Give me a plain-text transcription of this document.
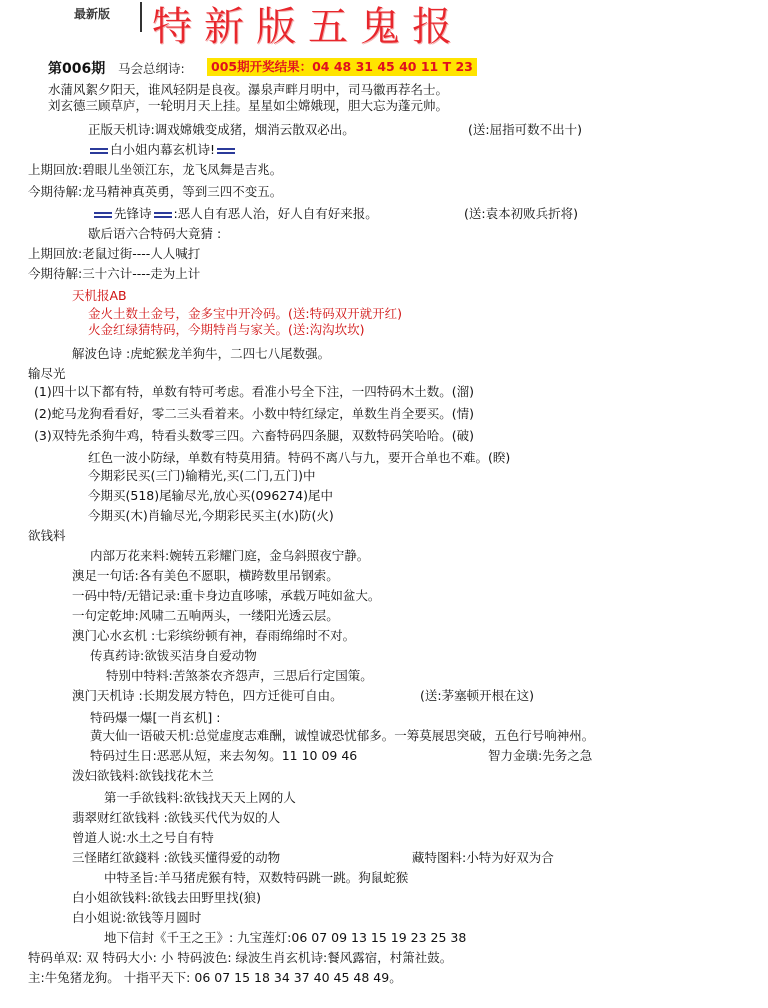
最新版 特新版五鬼报
第006期 马会总纲诗:	005期开奖结果：04 48 31 45 40 11 T 23
水蒲风絮夕阳天，谁风轻阴是良夜。瀑泉声畔月明中，司马徽再荐名士。
刘玄德三顾草庐，一轮明月天上挂。星星如尘嫦娥现，胆大忘为蓬元帅。
正版天机诗:调戏嫦娥变成猪，烟消云散双必出。	(送:屈指可数不出十)
白小姐内幕玄机诗!
上期回放:碧眼儿坐领江东，龙飞凤舞是吉兆。
今期待解:龙马精神真英勇，等到三四不变五。
先锋诗 :恶人自有恶人治，好人自有好来报。	(送:袁本初败兵折将)
歇后语六合特码大竟猜 :
上期回放:老鼠过街----人人喊打
今期待解:三十六计----走为上计
天机报AB
金火土数土金号，金多宝中开冷码。(送:特码双开就开红)
火金红绿猜特码，今期特肖与家关。(送:沟沟坎坎)
解波色诗 :虎蛇猴龙羊狗牛，二四七八尾数强。
输尽光
(1)四十以下都有特，单数有特可考虑。看准小号全下注，一四特码木土数。(溜)
(2)蛇马龙狗看看好，零二三头看着来。小数中特红绿定，单数生肖全要买。(情)
(3)双特先杀狗牛鸡，特看头数零三四。六畜特码四条腿，双数特码笑哈哈。(破)
红色一波小防绿，单数有特莫用猜。特码不离八与九，要开合单也不难。(睽)
今期彩民买(三门)输精光,买(二门,五门)中
今期买(518)尾输尽光,放心买(096274)尾中
今期买(木)肖输尽光,今期彩民买主(水)防(火)
欲钱料
内部万花来料:婉转五彩耀门庭，金乌斜照夜宁静。
澳足一句话:各有美色不愿职，横跨数里吊钢索。
一码中特/无错记录:重卡身边直哆嗦，承载万吨如盆大。
一句定乾坤:风啸二五响两头，一缕阳光透云层。
澳门心水玄机 :七彩缤纷顿有神，春雨绵绵时不对。
传真药诗:欲钹买洁身自爱动物
特别中特料:苦煞茶农齐怨声，三思后行定国策。
澳门天机诗 :长期发展方特色，四方迁徙可自由。	(送:茅塞顿开根在这)
特码爆一爆[一肖玄机] :
黄大仙一语破天机:总觉虚度志难酬，诚惶诚恐忧郁多。一筹莫展思突破，五色行号响神州。
特码过生日:恶恶从短，来去匆匆。11 10 09 46	智力金璜:先务之急
泼妇欲钱料:欲钱找花木兰
第一手欲钱料:欲钱找天天上网的人
翡翠财红欲钱料 :欲钱买代代为奴的人
曾道人说:水土之号自有特
三怪睹红欲錢料 :欲钱买懂得爱的动物	藏特图料:小特为好双为合
中特圣旨:羊马猪虎猴有特，双数特码跳一跳。狗鼠蛇猴
白小姐欲钱料:欲钱去田野里找(狼)
白小姐说:欲钱等月圆时
地下信封《千王之王》: 九宝莲灯:06 07 09 13 15 19 23 25 38
特码单双: 双 特码大小: 小 特码波色: 绿波生肖玄机诗:餐风露宿，村箫社鼓。
主:牛兔猪龙狗。 十指平天下: 06 07 15 18 34 37 40 45 48 49。
